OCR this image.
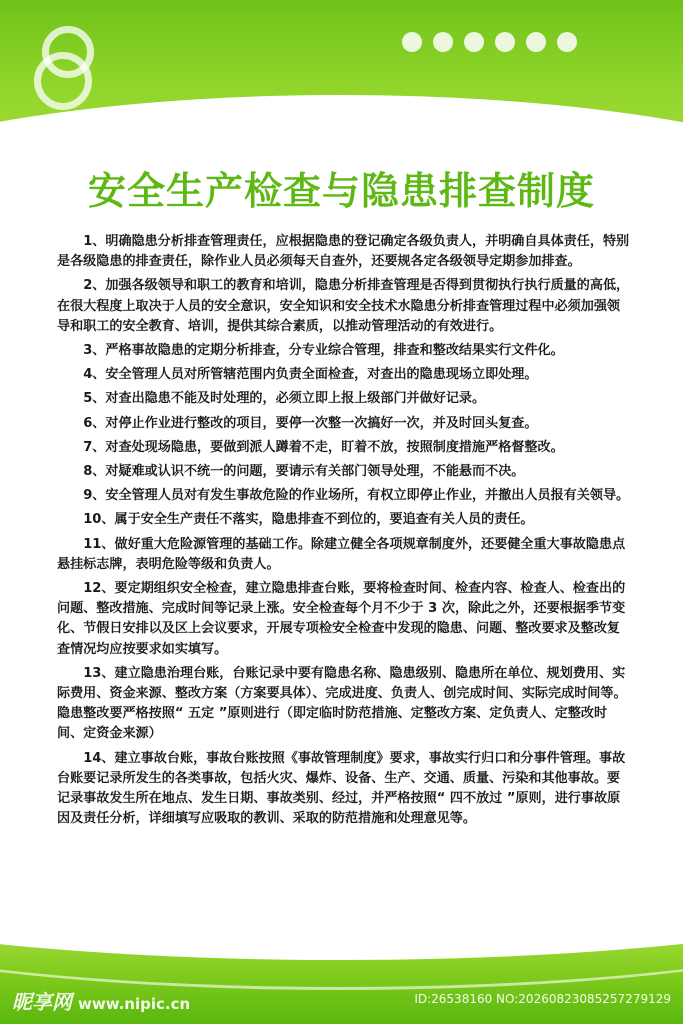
安全生产检查与隐患排查制度

1、明确隐患分析排查管理责任，应根据隐患的登记确定各级负责人，并明确自具体责任，特别是各级隐患的排查责任，除作业人员必须每天自查外，还要规各定各级领导定期参加排查。

2、加强各级领导和职工的教育和培训，隐患分析排查管理是否得到贯彻执行执行质量的高低，在很大程度上取决于人员的安全意识，安全知识和安全技术水隐患分析排查管理过程中必须加强领导和职工的安全教育、培训，提供其综合素质，以推动管理活动的有效进行。

3、严格事故隐患的定期分析排查，分专业综合管理，排查和整改结果实行文件化。

4、安全管理人员对所管辖范围内负责全面检查，对查出的隐患现场立即处理。

5、对查出隐患不能及时处理的，必须立即上报上级部门并做好记录。

6、对停止作业进行整改的项目，要停一次整一次搞好一次，并及时回头复查。

7、对查处现场隐患，要做到派人蹲着不走，盯着不放，按照制度措施严格督整改。

8、对疑难或认识不统一的问题，要请示有关部门领导处理，不能悬而不决。

9、安全管理人员对有发生事故危险的作业场所，有权立即停止作业，并撤出人员报有关领导。

10、属于安全生产责任不落实，隐患排查不到位的，要追查有关人员的责任。

11、做好重大危险源管理的基础工作。除建立健全各项规章制度外，还要健全重大事故隐患点悬挂标志牌，表明危险等级和负责人。

12、要定期组织安全检查，建立隐患排查台账，要将检查时间、检查内容、检查人、检查出的问题、整改措施、完成时间等记录上涨。安全检查每个月不少于 3 次，除此之外，还要根据季节变化、节假日安排以及区上会议要求，开展专项检安全检查中发现的隐患、问题、整改要求及整改复查情况均应按要求如实填写。

13、建立隐患治理台账，台账记录中要有隐患名称、隐患级别、隐患所在单位、规划费用、实际费用、资金来源、整改方案（方案要具体）、完成进度、负责人、创完成时间、实际完成时间等。隐患整改要严格按照“ 五定 ”原则进行（即定临时防范措施、定整改方案、定负责人、定整改时间、定资金来源）

14、建立事故台账，事故台账按照《事故管理制度》要求，事故实行归口和分事件管理。事故台账要记录所发生的各类事故，包括火灾、爆炸、设备、生产、交通、质量、污染和其他事故。要记录事故发生所在地点、发生日期、事故类别、经过，并严格按照“ 四不放过 ”原则，进行事故原因及责任分析，详细填写应吸取的教训、采取的防范措施和处理意见等。

昵享网 www.nipic.cn	ID:26538160 NO:20260823085257279129
